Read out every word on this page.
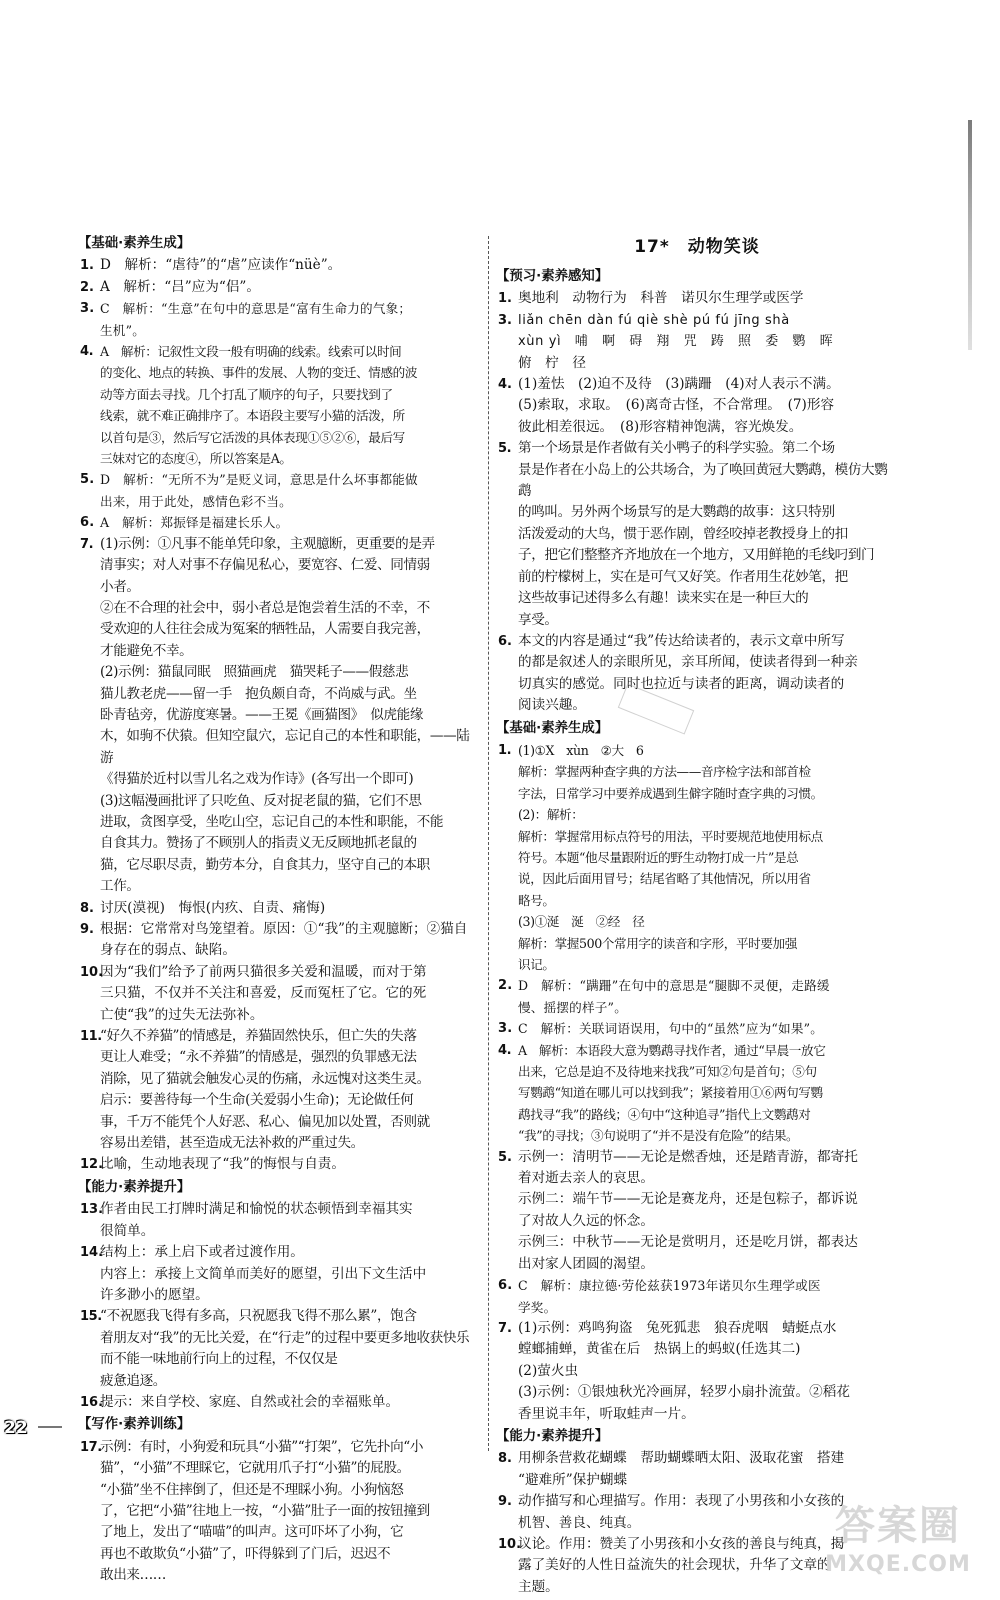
【基础·素养生成】
1. D　解析：“虐待”的“虐”应读作“nüè”。
2. A　解析：“吕”应为“侣”。
3. C　解析：“生意”在句中的意思是“富有生命力的气象；
生机”。
4. A　解析：记叙性文段一般有明确的线索。线索可以时间
的变化、地点的转换、事件的发展、人物的变迁、情感的波
动等方面去寻找。几个打乱了顺序的句子，只要找到了
线索，就不难正确排序了。本语段主要写小猫的活泼，所
以首句是③，然后写它活泼的具体表现①⑤②⑥，最后写
三妹对它的态度④，所以答案是A。
5. D　解析：“无所不为”是贬义词，意思是什么坏事都能做
出来，用于此处，感情色彩不当。
6. A　解析：郑振铎是福建长乐人。
7. (1)示例：①凡事不能单凭印象，主观臆断，更重要的是弄
清事实；对人对事不存偏见私心，要宽容、仁爱、同情弱
小者。
②在不合理的社会中，弱小者总是饱尝着生活的不幸，不
受欢迎的人往往会成为冤案的牺牲品，人需要自我完善，
才能避免不幸。
(2)示例：猫鼠同眠　照猫画虎　猫哭耗子——假慈悲
猫儿教老虎——留一手　抱负颇自奇，不尚威与武。坐
卧青毡旁，优游度寒暑。——王冕《画猫图》　似虎能缘
木，如驹不伏猿。但知空鼠穴，忘记自己的本性和职能，——陆游
《得猫於近村以雪儿名之戏为作诗》(各写出一个即可)
(3)这幅漫画批评了只吃鱼、反对捉老鼠的猫，它们不思
进取，贪图享受，坐吃山空，忘记自己的本性和职能，不能
自食其力。赞扬了不顾别人的指责义无反顾地抓老鼠的
猫，它尽职尽责，勤劳本分，自食其力，坚守自己的本职
工作。
8. 讨厌(漠视)　悔恨(内疚、自责、痛悔)
9. 根据：它常常对鸟笼望着。原因：①“我”的主观臆断；②猫自
身存在的弱点、缺陷。
10.
因为“我们”给予了前两只猫很多关爱和温暖，而对于第
三只猫，不仅并不关注和喜爱，反而冤枉了它。它的死
亡使“我”的过失无法弥补。
11.
“好久不养猫”的情感是，养猫固然快乐，但亡失的失落
更让人难受；“永不养猫”的情感是，强烈的负罪感无法
消除，见了猫就会触发心灵的伤痛，永远愧对这类生灵。
启示：要善待每一个生命(关爱弱小生命)；无论做任何
事，千万不能凭个人好恶、私心、偏见加以处置，否则就
容易出差错，甚至造成无法补救的严重过失。
12.
比喻，生动地表现了“我”的悔恨与自责。
【能力·素养提升】
13.
作者由民工打牌时满足和愉悦的状态顿悟到幸福其实
很简单。
14.
结构上：承上启下或者过渡作用。
内容上：承接上文简单而美好的愿望，引出下文生活中
许多渺小的愿望。
15.
“不祝愿我飞得有多高，只祝愿我飞得不那么累”，饱含
着朋友对“我”的无比关爱，在“行走”的过程中要更多地收获快乐而不能一味地前行向上的过程，不仅仅是
疲惫追逐。
16.
提示：来自学校、家庭、自然或社会的幸福账单。
【写作·素养训练】
17.
示例：有时，小狗爱和玩具“小猫”“打架”，它先扑向“小
猫”，“小猫”不理睬它，它就用爪子打“小猫”的屁股。
“小猫”坐不住摔倒了，但还是不理睬小狗。小狗恼怒
了，它把“小猫”往地上一按，“小猫”肚子一面的按钮撞到
了地上，发出了“喵喵”的叫声。这可吓坏了小狗，它
再也不敢欺负“小猫”了，吓得躲到了门后，迟迟不
敢出来……
17*　动物笑谈
【预习·素养感知】
1. 奥地利　动物行为　科普　诺贝尔生理学或医学
3. liǎn chēn dàn fú qiè shè pú fú jīng shà
xùn yì　哺　啊　碍　翔　咒　踌　照　委　鹦　晖
俯　柠　径
4. (1)羞怯　(2)迫不及待　(3)蹒跚　(4)对人表示不满。
(5)索取，求取。　(6)离奇古怪，不合常理。　(7)形容
彼此相差很远。　(8)形容精神饱满，容光焕发。
5. 第一个场景是作者做有关小鸭子的科学实验。第二个场
景是作者在小岛上的公共场合，为了唤回黄冠大鹦鹉，模仿大鹦鹉
的鸣叫。另外两个场景写的是大鹦鹉的故事：这只特别
活泼爱动的大鸟，惯于恶作剧，曾经咬掉老教授身上的扣
子，把它们整整齐齐地放在一个地方，又用鲜艳的毛线叼到门
前的柠檬树上，实在是可气又好笑。作者用生花妙笔，把
这些故事记述得多么有趣！读来实在是一种巨大的
享受。
6. 本文的内容是通过“我”传达给读者的，表示文章中所写
的都是叙述人的亲眼所见，亲耳所闻，使读者得到一种亲
切真实的感觉。同时也拉近与读者的距离，调动读者的
阅读兴趣。
【基础·素养生成】
1. (1)①X　xùn　②大　6
解析：掌握两种查字典的方法——音序检字法和部首检
字法，日常学习中要养成遇到生僻字随时查字典的习惯。
(2)：解析：
解析：掌握常用标点符号的用法，平时要规范地使用标点
符号。本题“他尽量跟附近的野生动物打成一片”是总
说，因此后面用冒号；结尾省略了其他情况，所以用省
略号。
(3)①涎　涎　②经　径
解析：掌握500个常用字的读音和字形，平时要加强
识记。
2. D　解析：“蹒跚”在句中的意思是“腿脚不灵便，走路缓
慢、摇摆的样子”。
3. C　解析：关联词语误用，句中的“虽然”应为“如果”。
4. A　解析：本语段大意为鹦鹉寻找作者，通过“早晨一放它
出来，它总是迫不及待地来找我”可知②句是首句；⑤句
写鹦鹉“知道在哪儿可以找到我”；紧接着用①⑥两句写鹦
鹉找寻“我”的路线；④句中“这种追寻”指代上文鹦鹉对
“我”的寻找；③句说明了“并不是没有危险”的结果。
5. 示例一：清明节——无论是燃香烛，还是踏青游，都寄托
着对逝去亲人的哀思。
示例二：端午节——无论是赛龙舟，还是包粽子，都诉说
了对故人久远的怀念。
示例三：中秋节——无论是赏明月，还是吃月饼，都表达
出对家人团圆的渴望。
6. C　解析：康拉德·劳伦兹获1973年诺贝尔生理学或医
学奖。
7. (1)示例：鸡鸣狗盗　兔死狐悲　狼吞虎咽　蜻蜓点水
螳螂捕蝉，黄雀在后　热锅上的蚂蚁(任选其二)
(2)萤火虫
(3)示例：①银烛秋光冷画屏，轻罗小扇扑流萤。②稻花
香里说丰年，听取蛙声一片。
【能力·素养提升】
8. 用柳条营救花蝴蝶　帮助蝴蝶晒太阳、汲取花蜜　搭建
“避难所”保护蝴蝶
9. 动作描写和心理描写。作用：表现了小男孩和小女孩的
机智、善良、纯真。
10.
议论。作用：赞美了小男孩和小女孩的善良与纯真，揭
露了美好的人性日益流失的社会现状，升华了文章的
主题。
22
答案圈
MXQE.COM
